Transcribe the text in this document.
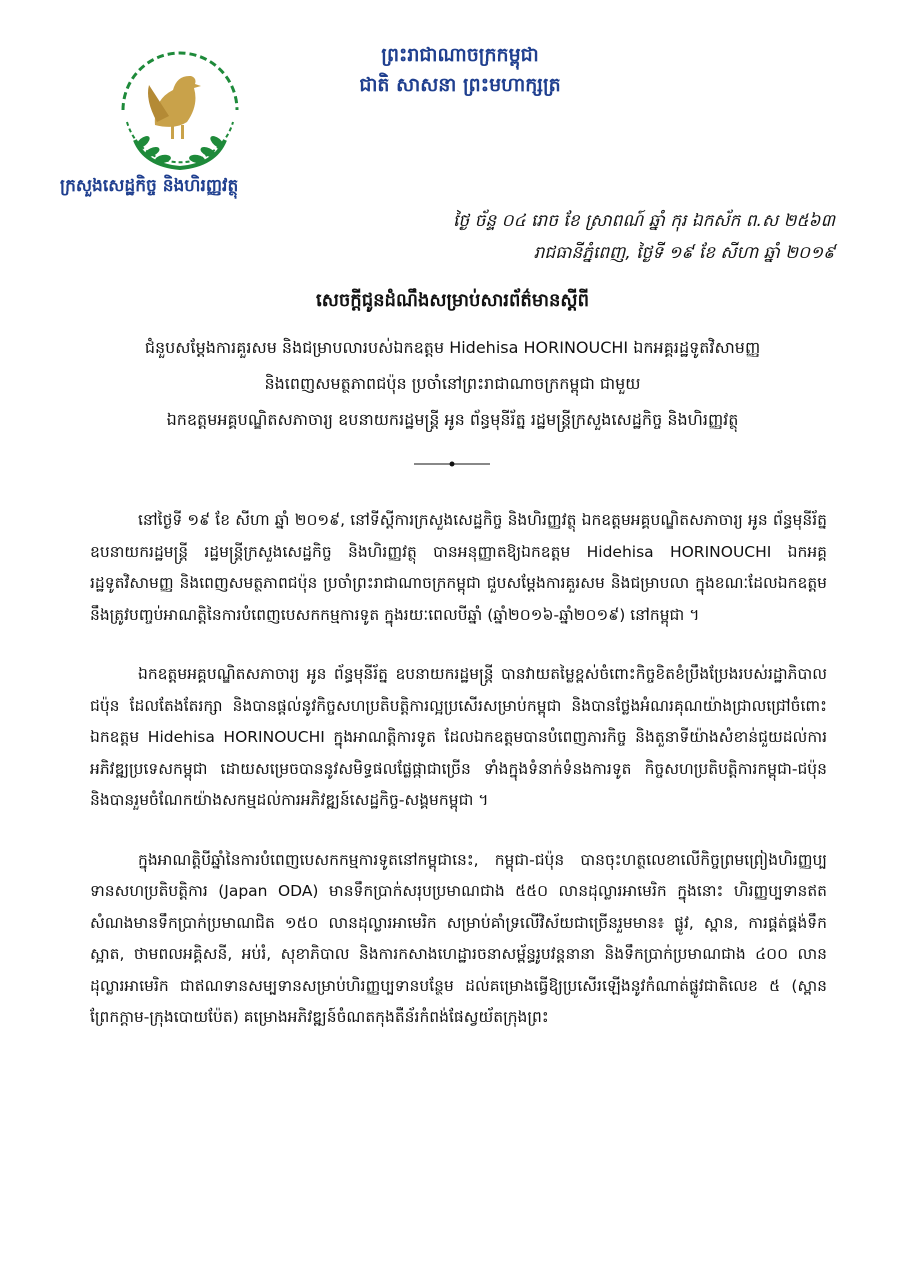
ក្រសួងសេដ្ឋកិច្ច និងហិរញ្ញវត្ថុ
ព្រះរាជាណាចក្រកម្ពុជា
ជាតិ សាសនា ព្រះមហាក្សត្រ
ថ្ងៃ ច័ន្ទ ០៤ រោច ខែ ស្រាពណ៍ ឆ្នាំ កុរ ឯកស័ក ព.ស ២៥៦៣
រាជធានីភ្នំពេញ, ថ្ងៃទី ១៩ ខែ សីហា ឆ្នាំ ២០១៩
សេចក្តីជូនដំណឹងសម្រាប់សារព័ត៌មានស្តីពី
ជំនួបសម្តែងការគួរសម និងជម្រាបលារបស់ឯកឧត្តម Hidehisa HORINOUCHI ឯកអគ្គរដ្ឋទូតវិសាមញ្ញ
និងពេញសមត្ថភាពជប៉ុន ប្រចាំនៅព្រះរាជាណាចក្រកម្ពុជា ជាមួយ
ឯកឧត្តមអគ្គបណ្ឌិតសភាចារ្យ ឧបនាយករដ្ឋមន្ត្រី អូន ព័ន្ធមុនីរ័ត្ន រដ្ឋមន្ត្រីក្រសួងសេដ្ឋកិច្ច និងហិរញ្ញវត្ថុ

នៅថ្ងៃទី ១៩ ខែ សីហា ឆ្នាំ ២០១៩, នៅទីស្តីការក្រសួងសេដ្ឋកិច្ច និងហិរញ្ញវត្ថុ ឯកឧត្តមអគ្គបណ្ឌិតសភាចារ្យ អូន ព័ន្ធមុនីរ័ត្ន ឧបនាយករដ្ឋមន្ត្រី រដ្ឋមន្ត្រីក្រសួងសេដ្ឋកិច្ច និងហិរញ្ញវត្ថុ បានអនុញ្ញាតឱ្យឯកឧត្តម Hidehisa HORINOUCHI ឯកអគ្គរដ្ឋទូតវិសាមញ្ញ និងពេញសមត្ថភាពជប៉ុន ប្រចាំព្រះរាជាណាចក្រកម្ពុជា ជួបសម្តែងការគួរសម និងជម្រាបលា ក្នុងខណៈដែលឯកឧត្តមនឹងត្រូវបញ្ចប់អាណត្តិនៃការបំពេញបេសកកម្មការទូត ក្នុងរយៈពេលបីឆ្នាំ (ឆ្នាំ២០១៦-ឆ្នាំ២០១៩) នៅកម្ពុជា ។

ឯកឧត្តមអគ្គបណ្ឌិតសភាចារ្យ អូន ព័ន្ធមុនីរ័ត្ន ឧបនាយករដ្ឋមន្ត្រី បានវាយតម្លៃខ្ពស់ចំពោះកិច្ចខិតខំប្រឹងប្រែងរបស់រដ្ឋាភិបាលជប៉ុន ដែលតែងតែរក្សា និងបានផ្តល់នូវកិច្ចសហប្រតិបត្តិការល្អប្រសើរសម្រាប់កម្ពុជា និងបានថ្លែងអំណរគុណយ៉ាងជ្រាលជ្រៅចំពោះឯកឧត្តម Hidehisa HORINOUCHI ក្នុងអាណត្តិការទូត ដែលឯកឧត្តមបានបំពេញភារកិច្ច និងតួនាទីយ៉ាងសំខាន់ជួយដល់ការអភិវឌ្ឍប្រទេសកម្ពុជា ដោយសម្រេចបាននូវសមិទ្ធផលផ្លែផ្កាជាច្រើន ទាំងក្នុងទំនាក់ទំនងការទូត កិច្ចសហប្រតិបត្តិការកម្ពុជា-ជប៉ុន និងបានរួមចំណែកយ៉ាងសកម្មដល់ការអភិវឌ្ឍន៍សេដ្ឋកិច្ច-សង្គមកម្ពុជា ។

ក្នុងអាណត្តិបីឆ្នាំនៃការបំពេញបេសកកម្មការទូតនៅកម្ពុជានេះ, កម្ពុជា-ជប៉ុន បានចុះហត្ថលេខាលើកិច្ចព្រមព្រៀងហិរញ្ញប្បទានសហប្រតិបត្តិការ (Japan ODA) មានទឹកប្រាក់សរុបប្រមាណជាង ៥៥០ លានដុល្លារអាមេរិក ក្នុងនោះ ហិរញ្ញប្បទានឥតសំណងមានទឹកប្រាក់ប្រមាណជិត ១៥០ លានដុល្លារអាមេរិក សម្រាប់គាំទ្រលើវិស័យជាច្រើនរួមមាន៖ ផ្លូវ, ស្ពាន, ការផ្គត់ផ្គង់ទឹកស្អាត, ថាមពលអគ្គិសនី, អប់រំ, សុខាភិបាល និងការកសាងហេដ្ឋារចនាសម្ព័ន្ធរូបវន្តនានា និងទឹកប្រាក់ប្រមាណជាង ៤០០ លានដុល្លារអាមេរិក ជាឥណទានសម្បទានសម្រាប់ហិរញ្ញប្បទានបន្ថែម ដល់គម្រោងធ្វើឱ្យប្រសើរឡើងនូវកំណាត់ផ្លូវជាតិលេខ ៥ (ស្ពានព្រែកក្តាម-ក្រុងបោយប៉ែត) គម្រោងអភិវឌ្ឍន៍ចំណតកុងតឺន័រកំពង់ផែស្វយ័តក្រុងព្រះ
